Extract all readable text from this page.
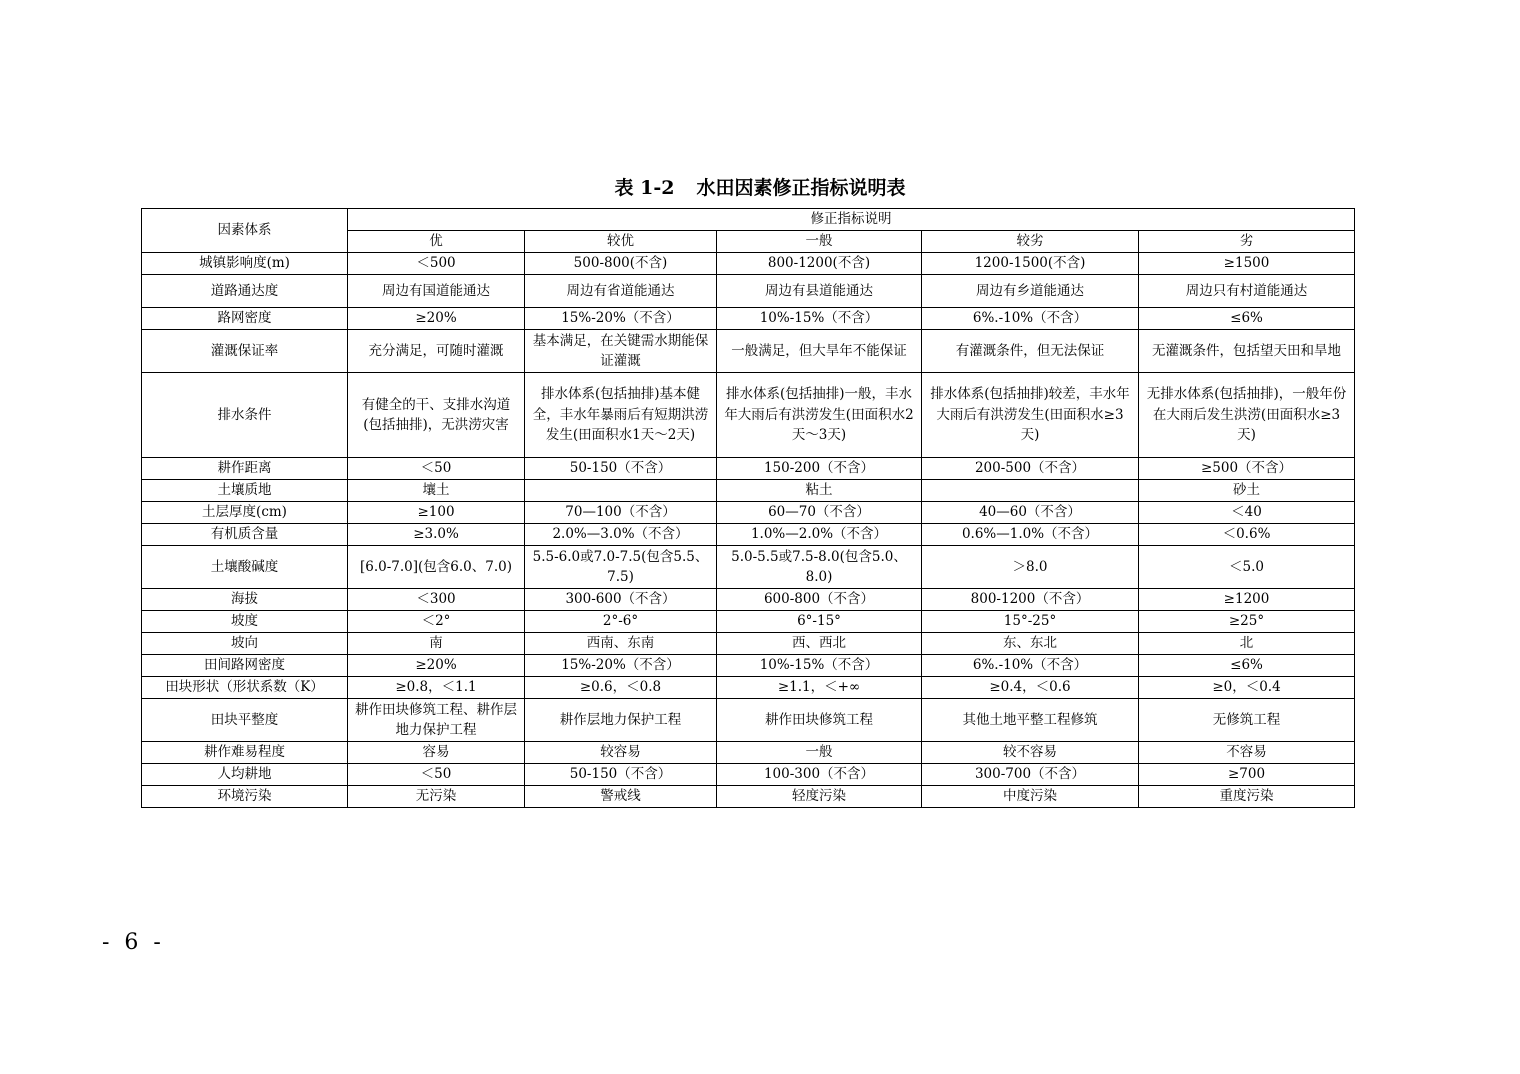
表 1-2 水田因素修正指标说明表
因素体系	修正指标说明				
	优	较优	一般	较劣	劣
城镇影响度(m)	＜500	500-800(不含)	800-1200(不含)	1200-1500(不含)	≥1500
道路通达度	周边有国道能通达	周边有省道能通达	周边有县道能通达	周边有乡道能通达	周边只有村道能通达
路网密度	≥20%	15%-20%（不含）	10%-15%（不含）	6%.-10%（不含）	≤6%
灌溉保证率	充分满足，可随时灌溉	基本满足，在关键需水期能保证灌溉	一般满足，但大旱年不能保证	有灌溉条件，但无法保证	无灌溉条件，包括望天田和旱地
排水条件	有健全的干、支排水沟道(包括抽排)，无洪涝灾害	排水体系(包括抽排)基本健全，丰水年暴雨后有短期洪涝发生(田面积水1天～2天)	排水体系(包括抽排)一般，丰水年大雨后有洪涝发生(田面积水2天～3天)	排水体系(包括抽排)较差，丰水年大雨后有洪涝发生(田面积水≥3天)	无排水体系(包括抽排)，一般年份在大雨后发生洪涝(田面积水≥3天)
耕作距离	＜50	50-150（不含）	150-200（不含）	200-500（不含）	≥500（不含）
土壤质地	壤土		粘土		砂土
土层厚度(cm)	≥100	70—100（不含）	60—70（不含）	40—60（不含）	＜40
有机质含量	≥3.0%	2.0%—3.0%（不含）	1.0%—2.0%（不含）	0.6%—1.0%（不含）	＜0.6%
土壤酸碱度	[6.0-7.0](包含6.0、7.0)	5.5-6.0或7.0-7.5(包含5.5、7.5)	5.0-5.5或7.5-8.0(包含5.0、8.0)	＞8.0	＜5.0
海拔	＜300	300-600（不含）	600-800（不含）	800-1200（不含）	≥1200
坡度	＜2°	2°-6°	6°-15°	15°-25°	≥25°
坡向	南	西南、东南	西、西北	东、东北	北
田间路网密度	≥20%	15%-20%（不含）	10%-15%（不含）	6%.-10%（不含）	≤6%
田块形状（形状系数（K）	≥0.8，＜1.1	≥0.6，＜0.8	≥1.1，＜+∞	≥0.4，＜0.6	≥0，＜0.4
田块平整度	耕作田块修筑工程、耕作层地力保护工程	耕作层地力保护工程	耕作田块修筑工程	其他土地平整工程修筑	无修筑工程
耕作难易程度	容易	较容易	一般	较不容易	不容易
人均耕地	＜50	50-150（不含）	100-300（不含）	300-700（不含）	≥700
环境污染	无污染	警戒线	轻度污染	中度污染	重度污染
- 6 -
